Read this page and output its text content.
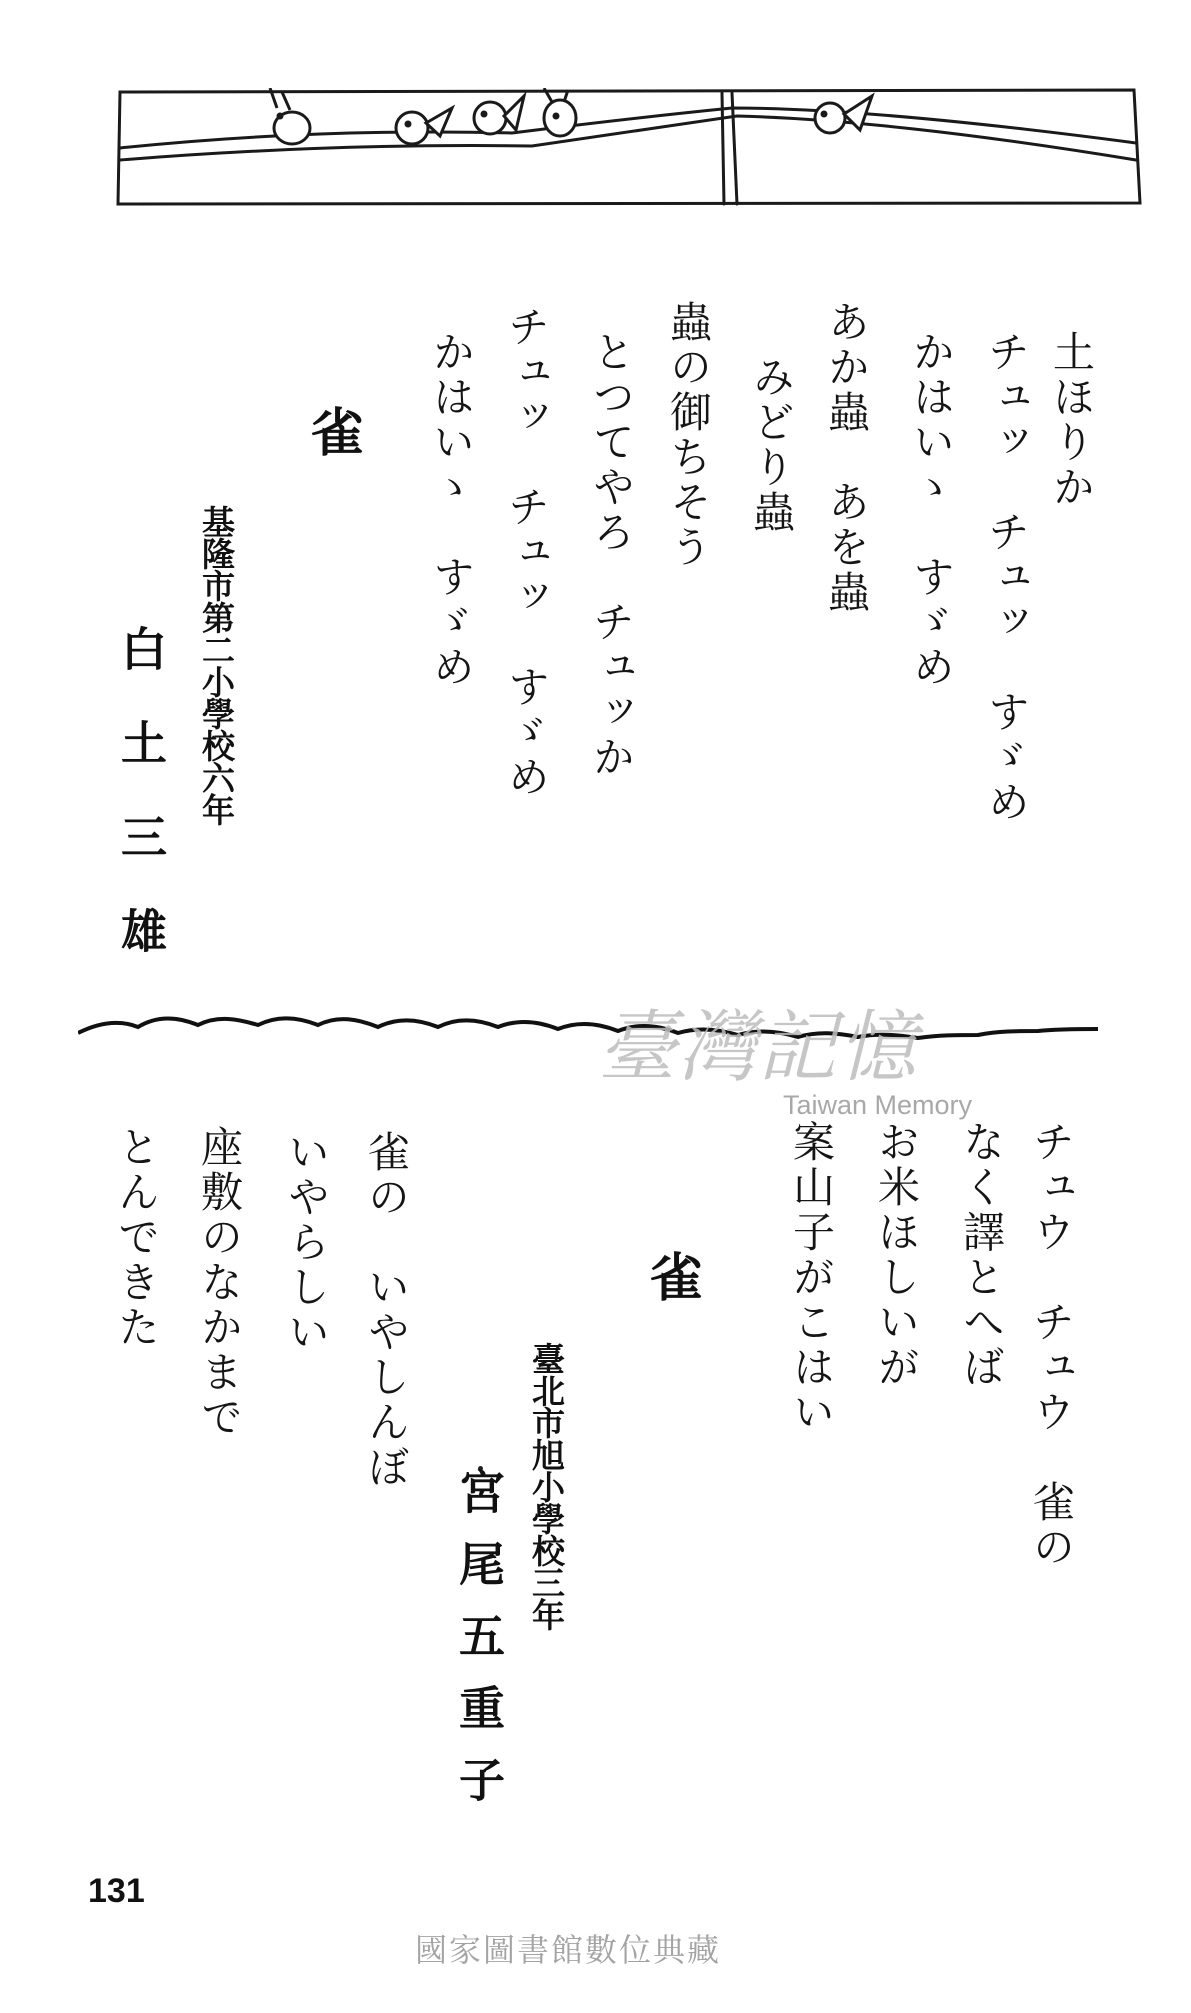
土ほりか
チュッ　チュッ　すゞめ
かはいゝ　すゞめ
あか蟲　あを蟲
　みどり蟲
蟲の御ちそう
とつてやろ　チュッか
チュッ　チュッ　すゞめ
かはいゝ　すゞめ
雀
基隆市第二小學校六年
白土三雄
臺灣記憶
Taiwan Memory
チュウ　チュウ　雀の
なく譯とへば
お米ほしいが
案山子がこはい
雀の　いやしんぼ
いやらしい
座敷のなかまで
とんできた	雀
臺北市旭小學校三年
宮尾五重子
131
國家圖書館數位典藏
